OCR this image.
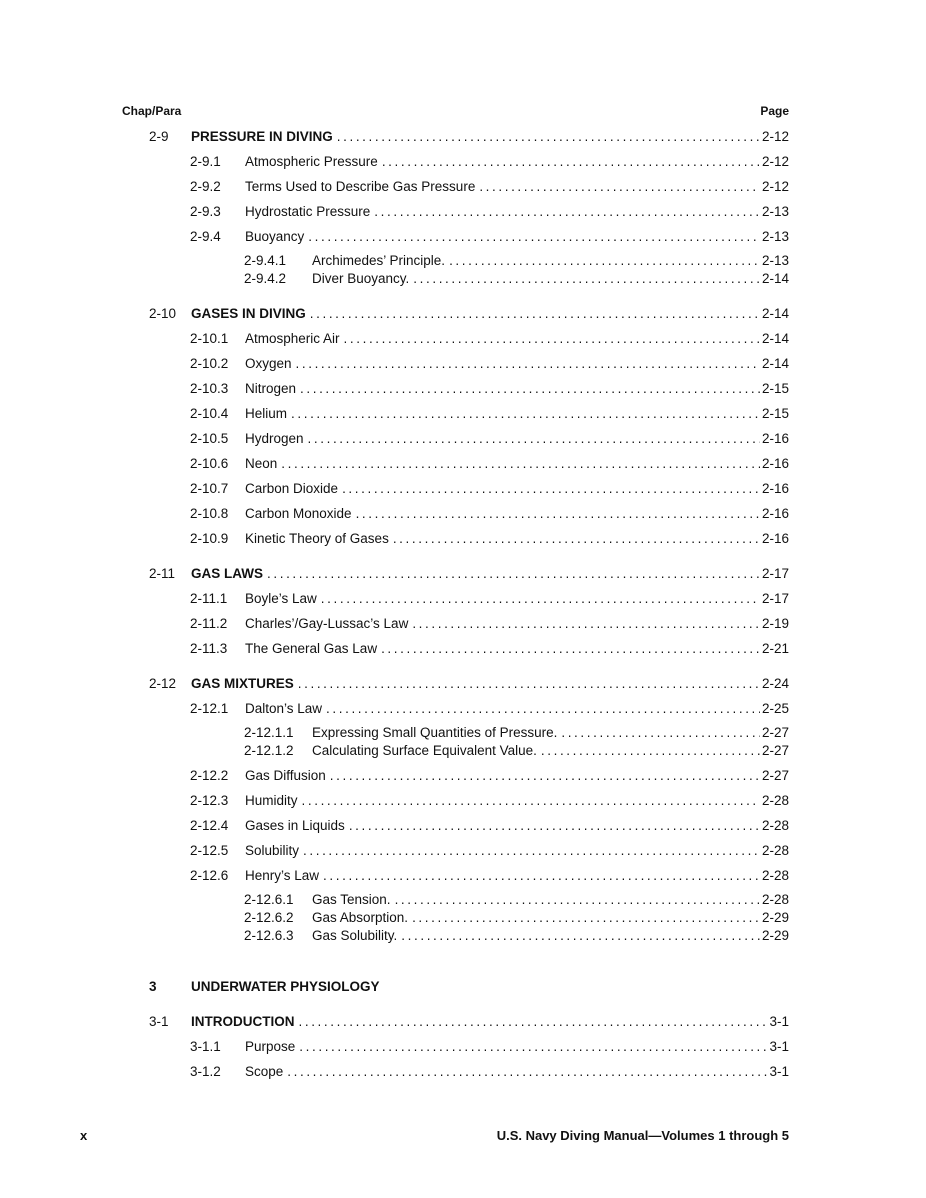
Chap/Para	Page
2-9	PRESSURE IN DIVING .....	2-12
2-9.1	Atmospheric Pressure .....	2-12
2-9.2	Terms Used to Describe Gas Pressure .....	2-12
2-9.3	Hydrostatic Pressure .....	2-13
2-9.4	Buoyancy .....	2-13
2-9.4.1	Archimedes’ Principle. .....	2-13
2-9.4.2	Diver Buoyancy. .....	2-14
2-10	GASES IN DIVING .....	2-14
2-10.1	Atmospheric Air .....	2-14
2-10.2	Oxygen .....	2-14
2-10.3	Nitrogen .....	2-15
2-10.4	Helium .....	2-15
2-10.5	Hydrogen .....	2-16
2-10.6	Neon .....	2-16
2-10.7	Carbon Dioxide .....	2-16
2-10.8	Carbon Monoxide .....	2-16
2-10.9	Kinetic Theory of Gases .....	2-16
2-11	GAS LAWS .....	2-17
2-11.1	Boyle’s Law .....	2-17
2-11.2	Charles’/Gay-Lussac’s Law .....	2-19
2-11.3	The General Gas Law .....	2-21
2-12	GAS MIXTURES .....	2-24
2-12.1	Dalton’s Law .....	2-25
2-12.1.1	Expressing Small Quantities of Pressure. .....	2-27
2-12.1.2	Calculating Surface Equivalent Value. .....	2-27
2-12.2	Gas Diffusion .....	2-27
2-12.3	Humidity .....	2-28
2-12.4	Gases in Liquids .....	2-28
2-12.5	Solubility .....	2-28
2-12.6	Henry’s Law .....	2-28
2-12.6.1	Gas Tension. .....	2-28
2-12.6.2	Gas Absorption. .....	2-29
2-12.6.3	Gas Solubility. .....	2-29
3	UNDERWATER PHYSIOLOGY
3-1	INTRODUCTION .....	3-1
3-1.1	Purpose .....	3-1
3-1.2	Scope .....	3-1
x	U.S. Navy Diving Manual—Volumes 1 through 5
